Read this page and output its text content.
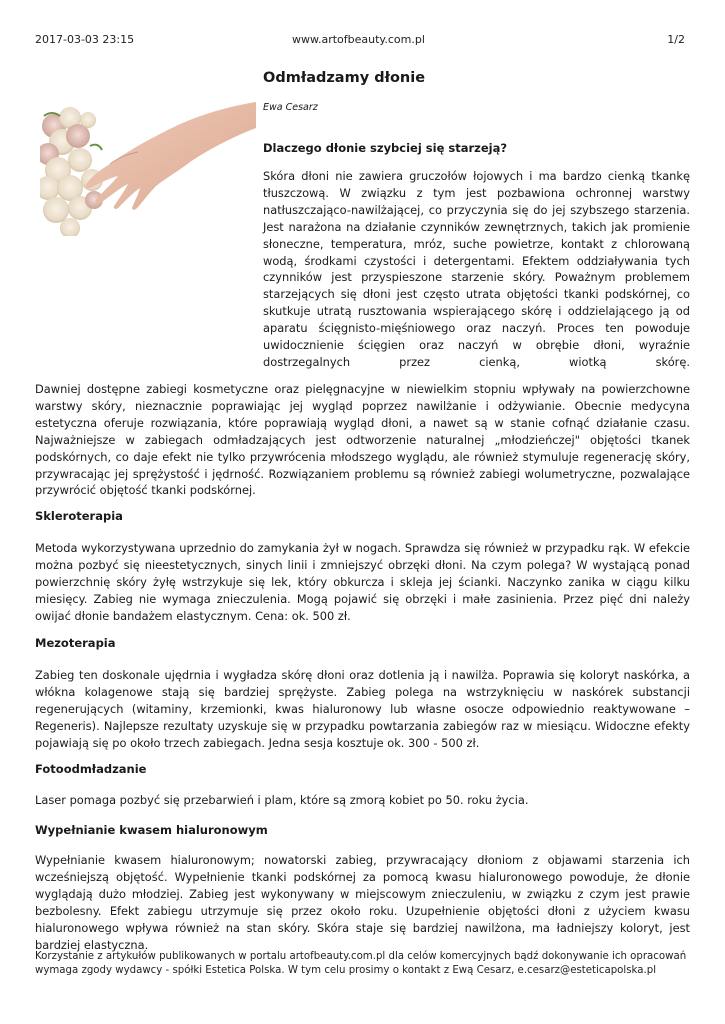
2017-03-03 23:15	www.artofbeauty.com.pl	1/2
Odmładzamy dłonie
Ewa Cesarz
Dlaczego dłonie szybciej się starzeją?

Skóra dłoni nie zawiera gruczołów łojowych i ma bardzo cienką tkankę tłuszczową. W związku z tym jest pozbawiona ochronnej warstwy natłuszczająco-nawilżającej, co przyczynia się do jej szybszego starzenia. Jest narażona na działanie czynników zewnętrznych, takich jak promienie słoneczne, temperatura, mróz, suche powietrze, kontakt z chlorowaną wodą, środkami czystości i detergentami. Efektem oddziaływania tych czynników jest przyspieszone starzenie skóry. Poważnym problemem starzejących się dłoni jest często utrata objętości tkanki podskórnej, co skutkuje utratą rusztowania wspierającego skórę i oddzielającego ją od aparatu ścięgnisto-mięśniowego oraz naczyń. Proces ten powoduje uwidocznienie ścięgien oraz naczyń w obrębie dłoni, wyraźnie dostrzegalnych przez cienką, wiotką skórę.

Dawniej dostępne zabiegi kosmetyczne oraz pielęgnacyjne w niewielkim stopniu wpływały na powierzchowne warstwy skóry, nieznacznie poprawiając jej wygląd poprzez nawilżanie i odżywianie. Obecnie medycyna estetyczna oferuje rozwiązania, które poprawiają wygląd dłoni, a nawet są w stanie cofnąć działanie czasu. Najważniejsze w zabiegach odmładzających jest odtworzenie naturalnej „młodzieńczej" objętości tkanek podskórnych, co daje efekt nie tylko przywrócenia młodszego wyglądu, ale również stymuluje regenerację skóry, przywracając jej sprężystość i jędrność. Rozwiązaniem problemu są również zabiegi wolumetryczne, pozwalające przywrócić objętość tkanki podskórnej.

Skleroterapia

Metoda wykorzystywana uprzednio do zamykania żył w nogach. Sprawdza się również w przypadku rąk. W efekcie można pozbyć się nieestetycznych, sinych linii i zmniejszyć obrzęki dłoni. Na czym polega? W wystającą ponad powierzchnię skóry żyłę wstrzykuje się lek, który obkurcza i skleja jej ścianki. Naczynko zanika w ciągu kilku miesięcy. Zabieg nie wymaga znieczulenia. Mogą pojawić się obrzęki i małe zasinienia. Przez pięć dni należy owijać dłonie bandażem elastycznym. Cena: ok. 500 zł.

Mezoterapia

Zabieg ten doskonale ujędrnia i wygładza skórę dłoni oraz dotlenia ją i nawilża. Poprawia się koloryt naskórka, a włókna kolagenowe stają się bardziej sprężyste. Zabieg polega na wstrzyknięciu w naskórek substancji regenerujących (witaminy, krzemionki, kwas hialuronowy lub własne osocze odpowiednio reaktywowane – Regeneris). Najlepsze rezultaty uzyskuje się w przypadku powtarzania zabiegów raz w miesiącu. Widoczne efekty pojawiają się po około trzech zabiegach. Jedna sesja kosztuje ok. 300 - 500 zł.

Fotoodmładzanie

Laser pomaga pozbyć się przebarwień i plam, które są zmorą kobiet po 50. roku życia.

Wypełnianie kwasem hialuronowym

Wypełnianie kwasem hialuronowym; nowatorski zabieg, przywracający dłoniom z objawami starzenia ich wcześniejszą objętość. Wypełnienie tkanki podskórnej za pomocą kwasu hialuronowego powoduje, że dłonie wyglądają dużo młodziej. Zabieg jest wykonywany w miejscowym znieczuleniu, w związku z czym jest prawie bezbolesny. Efekt zabiegu utrzymuje się przez około roku. Uzupełnienie objętości dłoni z użyciem kwasu hialuronowego wpływa również na stan skóry. Skóra staje się bardziej nawilżona, ma ładniejszy koloryt, jest bardziej elastyczna.

Korzystanie z artykułów publikowanych w portalu artofbeauty.com.pl dla celów komercyjnych bądź dokonywanie ich opracowań wymaga zgody wydawcy - spółki Estetica Polska. W tym celu prosimy o kontakt z Ewą Cesarz, e.cesarz@esteticapolska.pl
